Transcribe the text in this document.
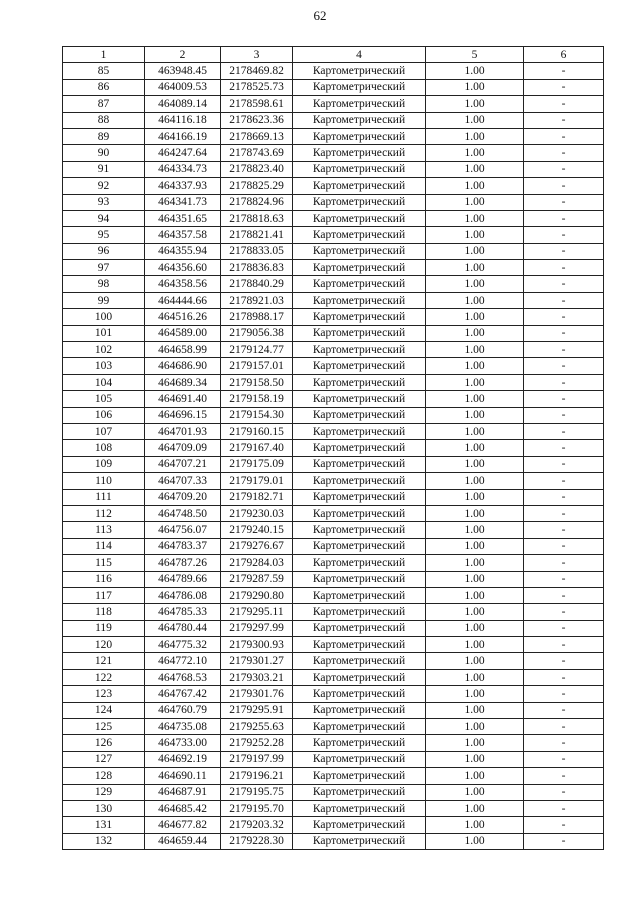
62
1	2	3	4	5	6
85	463948.45	2178469.82	Картометрический	1.00	-
86	464009.53	2178525.73	Картометрический	1.00	-
87	464089.14	2178598.61	Картометрический	1.00	-
88	464116.18	2178623.36	Картометрический	1.00	-
89	464166.19	2178669.13	Картометрический	1.00	-
90	464247.64	2178743.69	Картометрический	1.00	-
91	464334.73	2178823.40	Картометрический	1.00	-
92	464337.93	2178825.29	Картометрический	1.00	-
93	464341.73	2178824.96	Картометрический	1.00	-
94	464351.65	2178818.63	Картометрический	1.00	-
95	464357.58	2178821.41	Картометрический	1.00	-
96	464355.94	2178833.05	Картометрический	1.00	-
97	464356.60	2178836.83	Картометрический	1.00	-
98	464358.56	2178840.29	Картометрический	1.00	-
99	464444.66	2178921.03	Картометрический	1.00	-
100	464516.26	2178988.17	Картометрический	1.00	-
101	464589.00	2179056.38	Картометрический	1.00	-
102	464658.99	2179124.77	Картометрический	1.00	-
103	464686.90	2179157.01	Картометрический	1.00	-
104	464689.34	2179158.50	Картометрический	1.00	-
105	464691.40	2179158.19	Картометрический	1.00	-
106	464696.15	2179154.30	Картометрический	1.00	-
107	464701.93	2179160.15	Картометрический	1.00	-
108	464709.09	2179167.40	Картометрический	1.00	-
109	464707.21	2179175.09	Картометрический	1.00	-
110	464707.33	2179179.01	Картометрический	1.00	-
111	464709.20	2179182.71	Картометрический	1.00	-
112	464748.50	2179230.03	Картометрический	1.00	-
113	464756.07	2179240.15	Картометрический	1.00	-
114	464783.37	2179276.67	Картометрический	1.00	-
115	464787.26	2179284.03	Картометрический	1.00	-
116	464789.66	2179287.59	Картометрический	1.00	-
117	464786.08	2179290.80	Картометрический	1.00	-
118	464785.33	2179295.11	Картометрический	1.00	-
119	464780.44	2179297.99	Картометрический	1.00	-
120	464775.32	2179300.93	Картометрический	1.00	-
121	464772.10	2179301.27	Картометрический	1.00	-
122	464768.53	2179303.21	Картометрический	1.00	-
123	464767.42	2179301.76	Картометрический	1.00	-
124	464760.79	2179295.91	Картометрический	1.00	-
125	464735.08	2179255.63	Картометрический	1.00	-
126	464733.00	2179252.28	Картометрический	1.00	-
127	464692.19	2179197.99	Картометрический	1.00	-
128	464690.11	2179196.21	Картометрический	1.00	-
129	464687.91	2179195.75	Картометрический	1.00	-
130	464685.42	2179195.70	Картометрический	1.00	-
131	464677.82	2179203.32	Картометрический	1.00	-
132	464659.44	2179228.30	Картометрический	1.00	-
